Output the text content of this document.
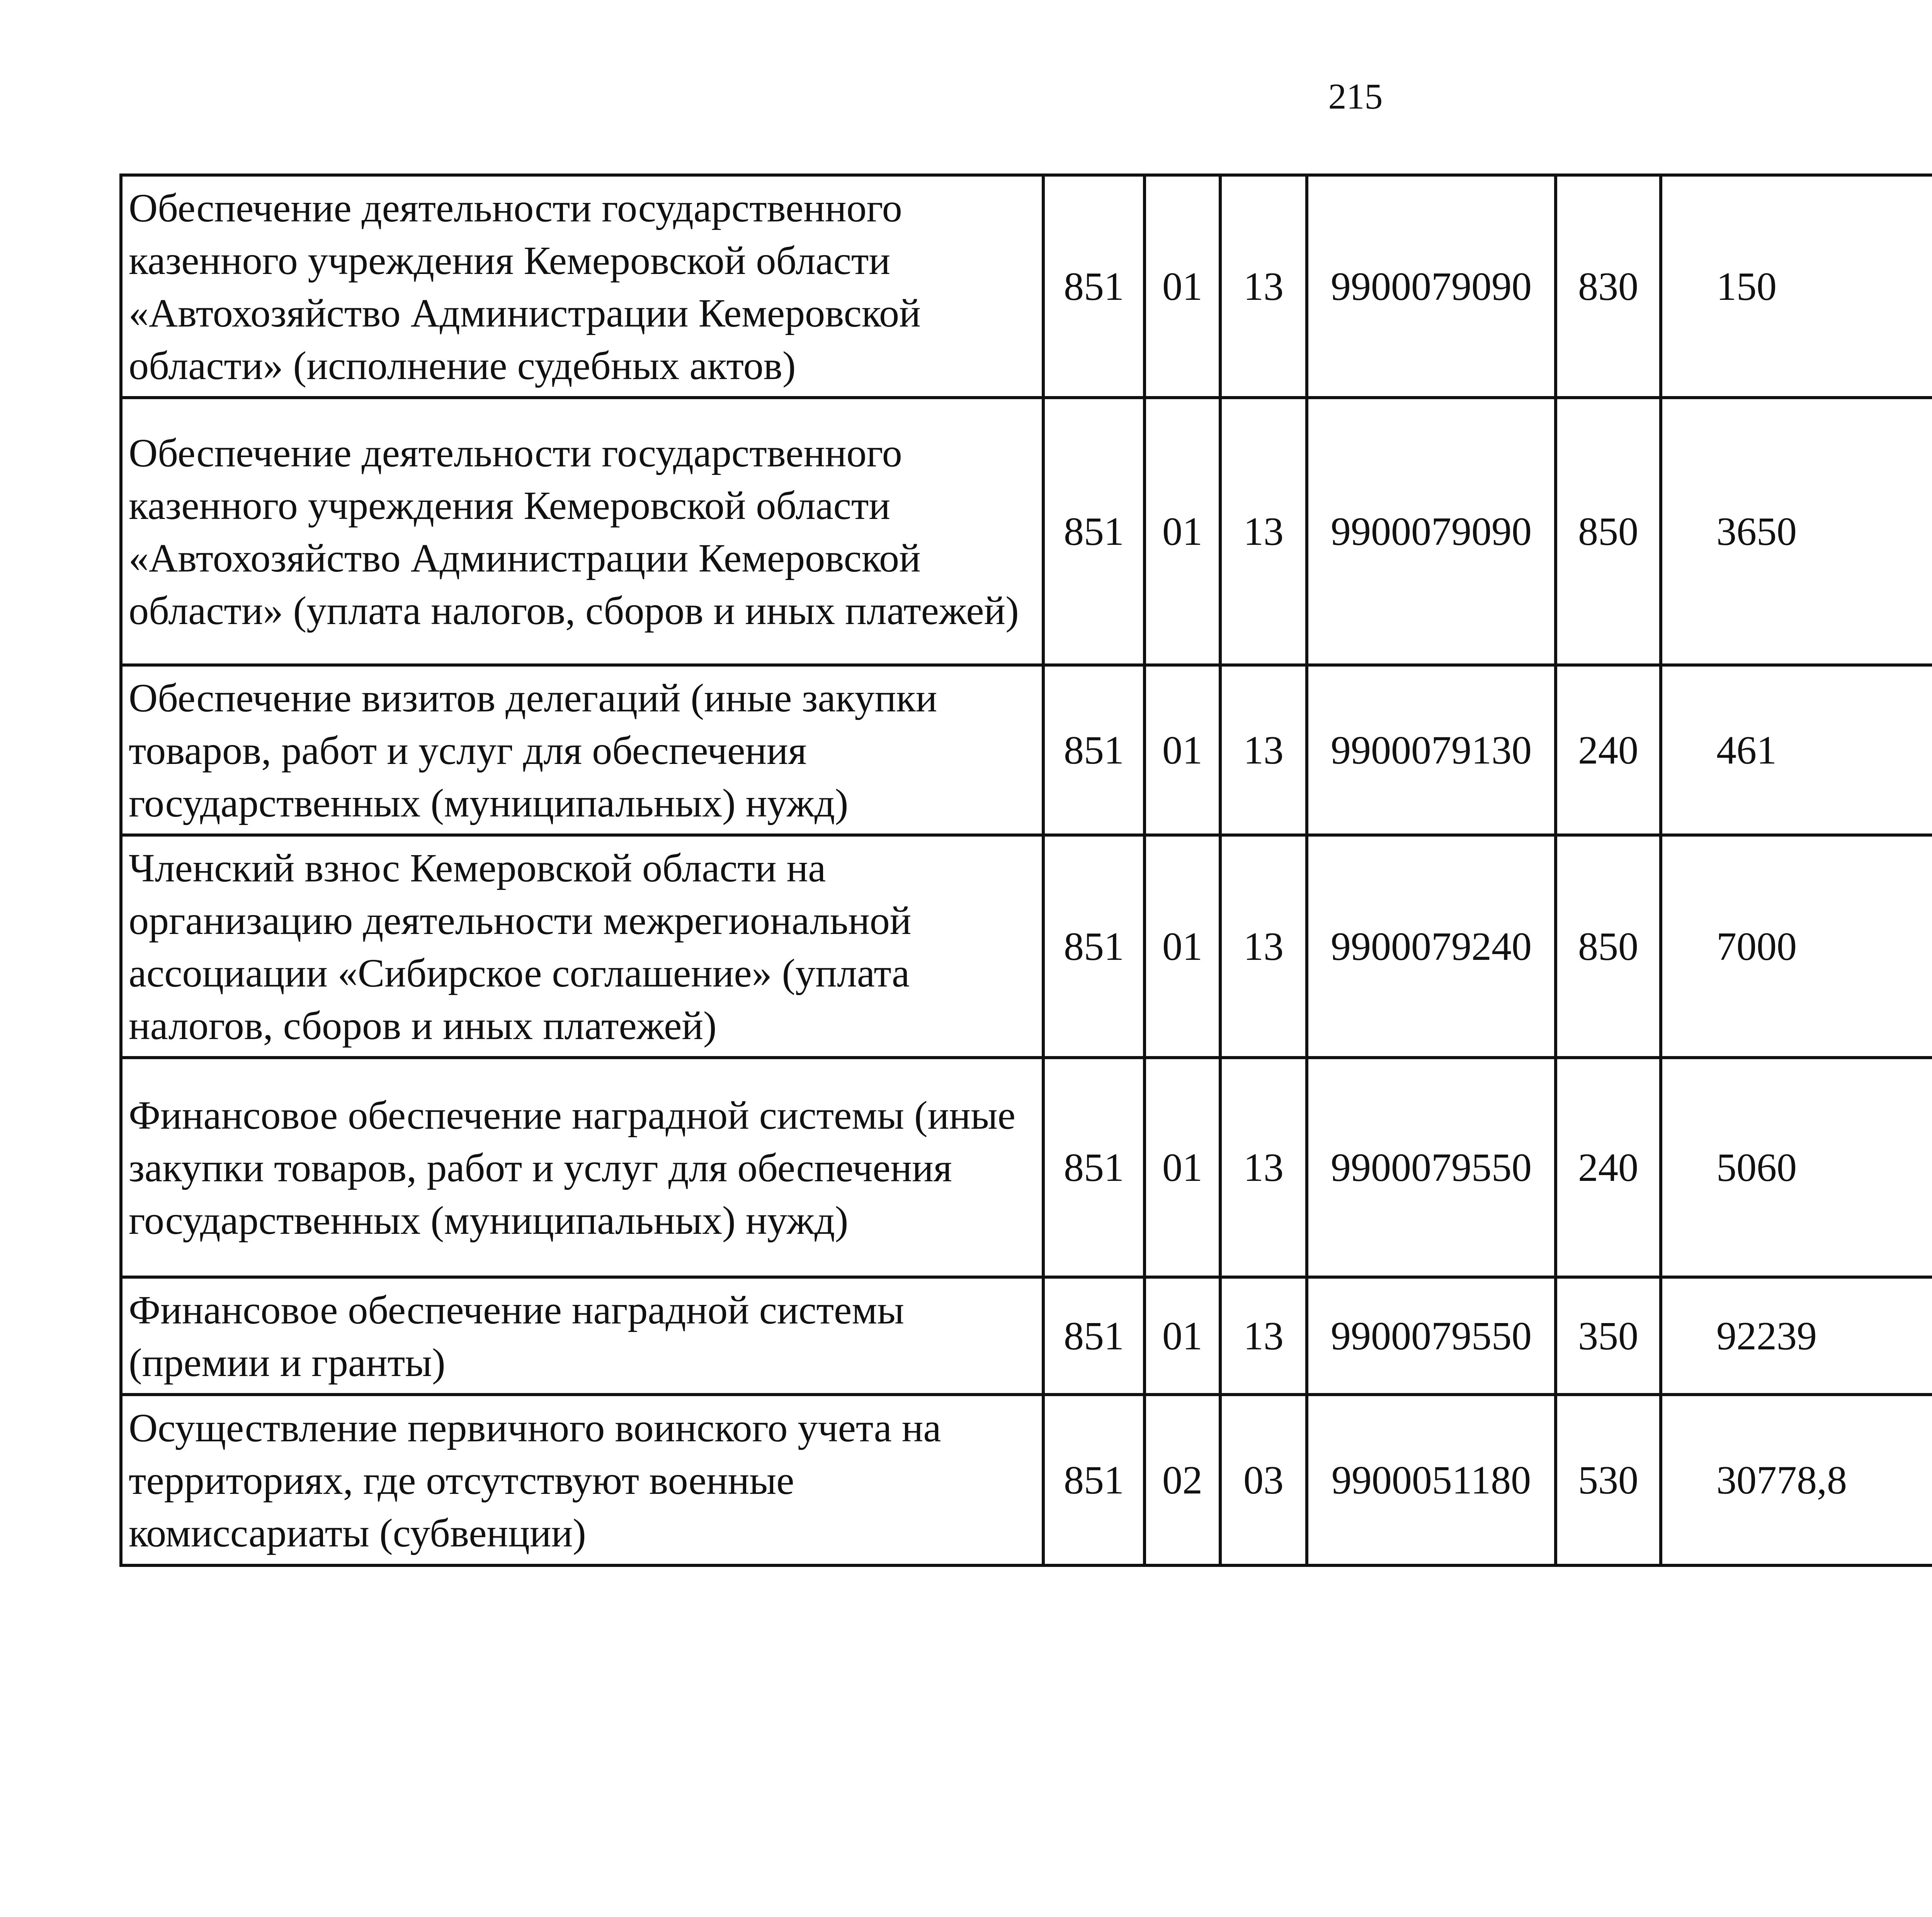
215
Обеспечение деятельности государственного казенного учреждения Кемеровской области «Автохозяйство Администрации Кемеровской области» (исполнение судебных актов)	851	01	13	9900079090	830	150		
Обеспечение деятельности государственного казенного учреждения Кемеровской области «Автохозяйство Администрации Кемеровской области» (уплата налогов, сборов и иных платежей)	851	01	13	9900079090	850	3650		
Обеспечение визитов делегаций (иные закупки товаров, работ и услуг для обеспечения государственных (муниципальных) нужд)	851	01	13	9900079130	240	461		
Членский взнос Кемеровской области на организацию деятельности межрегиональной ассоциации «Сибирское соглашение» (уплата налогов, сборов и иных платежей)	851	01	13	9900079240	850	7000		
Финансовое обеспечение наградной системы (иные закупки товаров, работ и услуг для обеспечения государственных (муниципальных) нужд)	851	01	13	9900079550	240	5060		
Финансовое обеспечение наградной системы (премии и гранты)	851	01	13	9900079550	350	92239		
Осуществление первичного воинского учета на территориях, где отсутствуют военные комиссариаты (субвенции)	851	02	03	9900051180	530	30778,8		
